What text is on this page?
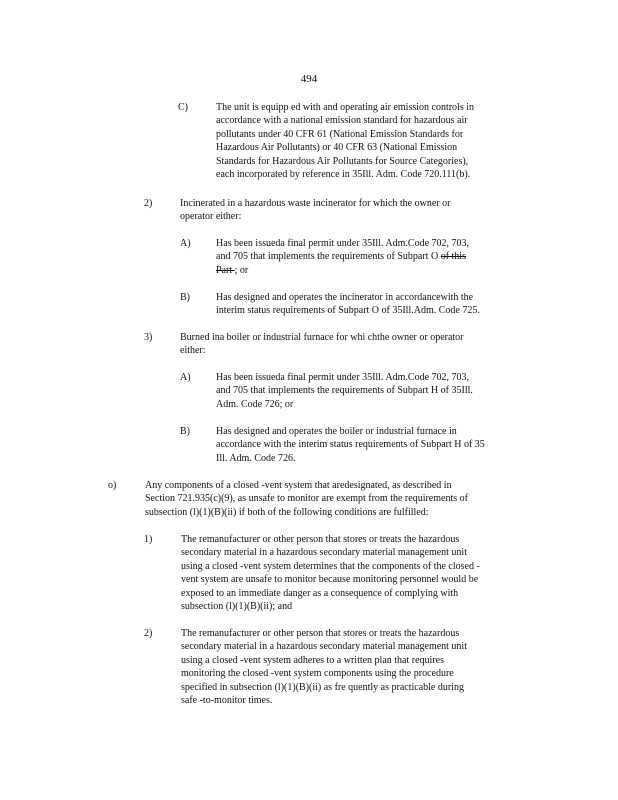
494
C)	The unit is equipp ed with and operating air emission controls in
accordance with a national emission standard for hazardous air
pollutants under 40 CFR 61 (National Emission Standards for
Hazardous Air Pollutants) or 40 CFR 63 (National Emission
Standards for Hazardous Air Pollutants for Source Categories),
each incorporated by reference in 35Ill. Adm. Code 720.111(b).
2)	Incinerated in a hazardous waste incinerator for which the owner or
operator either:
A)	Has been issueda final permit under 35Ill. Adm.Code 702, 703,
and 705 that implements the requirements of Subpart O of this
Part ; or
B)	Has designed and operates the incinerator in accordancewith the
interim status requirements of Subpart O of 35Ill.Adm. Code 725.
3)	Burned ina boiler or industrial furnace for whi chthe owner or operator
either:
A)	Has been issueda final permit under 35Ill. Adm.Code 702, 703,
and 705 that implements the requirements of Subpart H of 35Ill.
Adm. Code 726; or
B)	Has designed and operates the boiler or industrial furnace in
accordance with the interim status requirements of Subpart H of 35
Ill. Adm. Code 726.
o)	Any components of a closed -vent system that aredesignated, as described in
Section 721.935(c)(9), as unsafe to monitor are exempt from the requirements of
subsection (l)(1)(B)(ii) if both of the following conditions are fulfilled:
1)	The remanufacturer or other person that stores or treats the hazardous
secondary material in a hazardous secondary material management unit
using a closed -vent system determines that the components of the closed -
vent system are unsafe to monitor because monitoring personnel would be
exposed to an immediate danger as a consequence of complying with
subsection (l)(1)(B)(ii); and
2)	The remanufacturer or other person that stores or treats the hazardous
secondary material in a hazardous secondary material management unit
using a closed -vent system adheres to a written plan that requires
monitoring the closed -vent system components using the procedure
specified in subsection (l)(1)(B)(ii) as fre quently as practicable during
safe -to-monitor times.
